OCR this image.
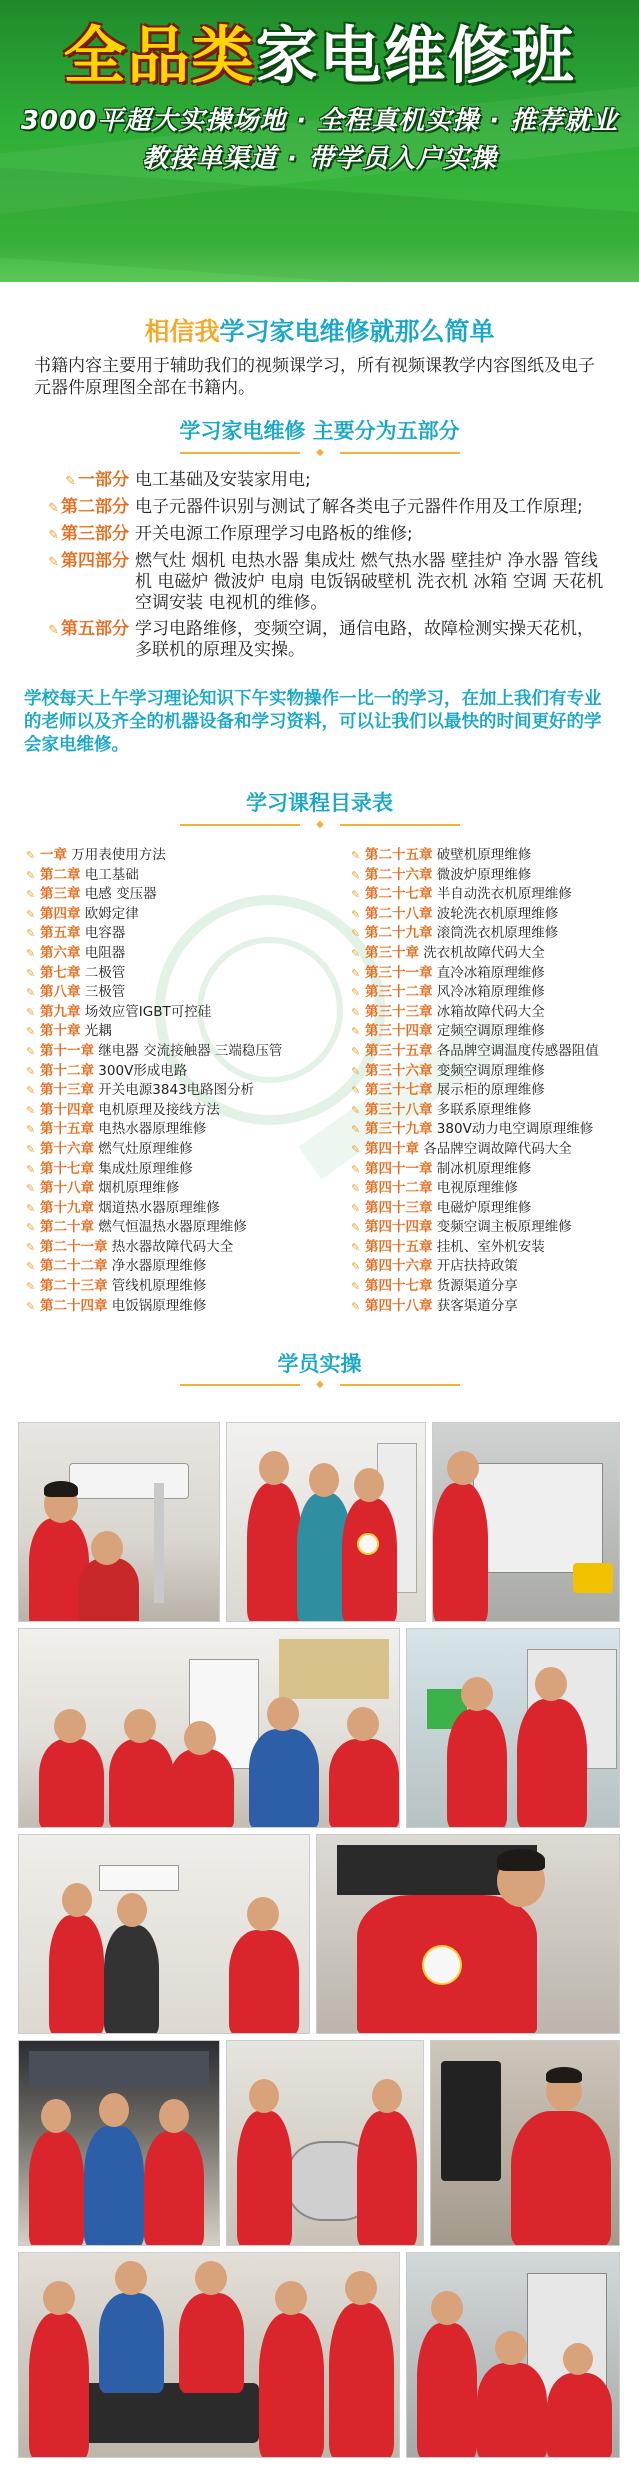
全品类家电维修班
3000平超大实操场地 · 全程真机实操 · 推荐就业
教接单渠道 · 带学员入户实操
相信我学习家电维修就那么简单
书籍内容主要用于辅助我们的视频课学习，所有视频课教学内容图纸及电子元器件原理图全部在书籍内。
学习家电维修 主要分为五部分
◆
✎ 一部分 电工基础及安装家用电;
✎ 第二部分 电子元器件识别与测试了解各类电子元器件作用及工作原理;
✎ 第三部分 开关电源工作原理学习电路板的维修;
✎ 第四部分 燃气灶 烟机 电热水器 集成灶 燃气热水器 壁挂炉 净水器 管线机 电磁炉 微波炉 电扇 电饭锅破壁机 洗衣机 冰箱 空调 天花机 空调安装 电视机的维修。
✎ 第五部分 学习电路维修，变频空调，通信电路，故障检测实操天花机，多联机的原理及实操。
学校每天上午学习理论知识下午实物操作一比一的学习，在加上我们有专业的老师以及齐全的机器设备和学习资料，可以让我们以最快的时间更好的学会家电维修。
学习课程目录表
◆
✎ 一章 万用表使用方法
✎ 第二章 电工基础
✎ 第三章 电感 变压器
✎ 第四章 欧姆定律
✎ 第五章 电容器
✎ 第六章 电阻器
✎ 第七章 二极管
✎ 第八章 三极管
✎ 第九章 场效应管IGBT可控硅
✎ 第十章 光耦
✎ 第十一章 继电器 交流接触器 三端稳压管
✎ 第十二章 300V形成电路
✎ 第十三章 开关电源3843电路图分析
✎ 第十四章 电机原理及接线方法
✎ 第十五章 电热水器原理维修
✎ 第十六章 燃气灶原理维修
✎ 第十七章 集成灶原理维修
✎ 第十八章 烟机原理维修
✎ 第十九章 烟道热水器原理维修
✎ 第二十章 燃气恒温热水器原理维修
✎ 第二十一章 热水器故障代码大全
✎ 第二十二章 净水器原理维修
✎ 第二十三章 管线机原理维修
✎ 第二十四章 电饭锅原理维修
✎ 第二十五章 破壁机原理维修
✎ 第二十六章 微波炉原理维修
✎ 第二十七章 半自动洗衣机原理维修
✎ 第二十八章 波轮洗衣机原理维修
✎ 第二十九章 滚筒洗衣机原理维修
✎ 第三十章 洗衣机故障代码大全
✎ 第三十一章 直冷冰箱原理维修
✎ 第三十二章 风冷冰箱原理维修
✎ 第三十三章 冰箱故障代码大全
✎ 第三十四章 定频空调原理维修
✎ 第三十五章 各品牌空调温度传感器阻值
✎ 第三十六章 变频空调原理维修
✎ 第三十七章 展示柜的原理维修
✎ 第三十八章 多联系原理维修
✎ 第三十九章 380V动力电空调原理维修
✎ 第四十章 各品牌空调故障代码大全
✎ 第四十一章 制冰机原理维修
✎ 第四十二章 电视原理维修
✎ 第四十三章 电磁炉原理维修
✎ 第四十四章 变频空调主板原理维修
✎ 第四十五章 挂机、室外机安装
✎ 第四十六章 开店扶持政策
✎ 第四十七章 货源渠道分享
✎ 第四十八章 获客渠道分享
学员实操
◆
